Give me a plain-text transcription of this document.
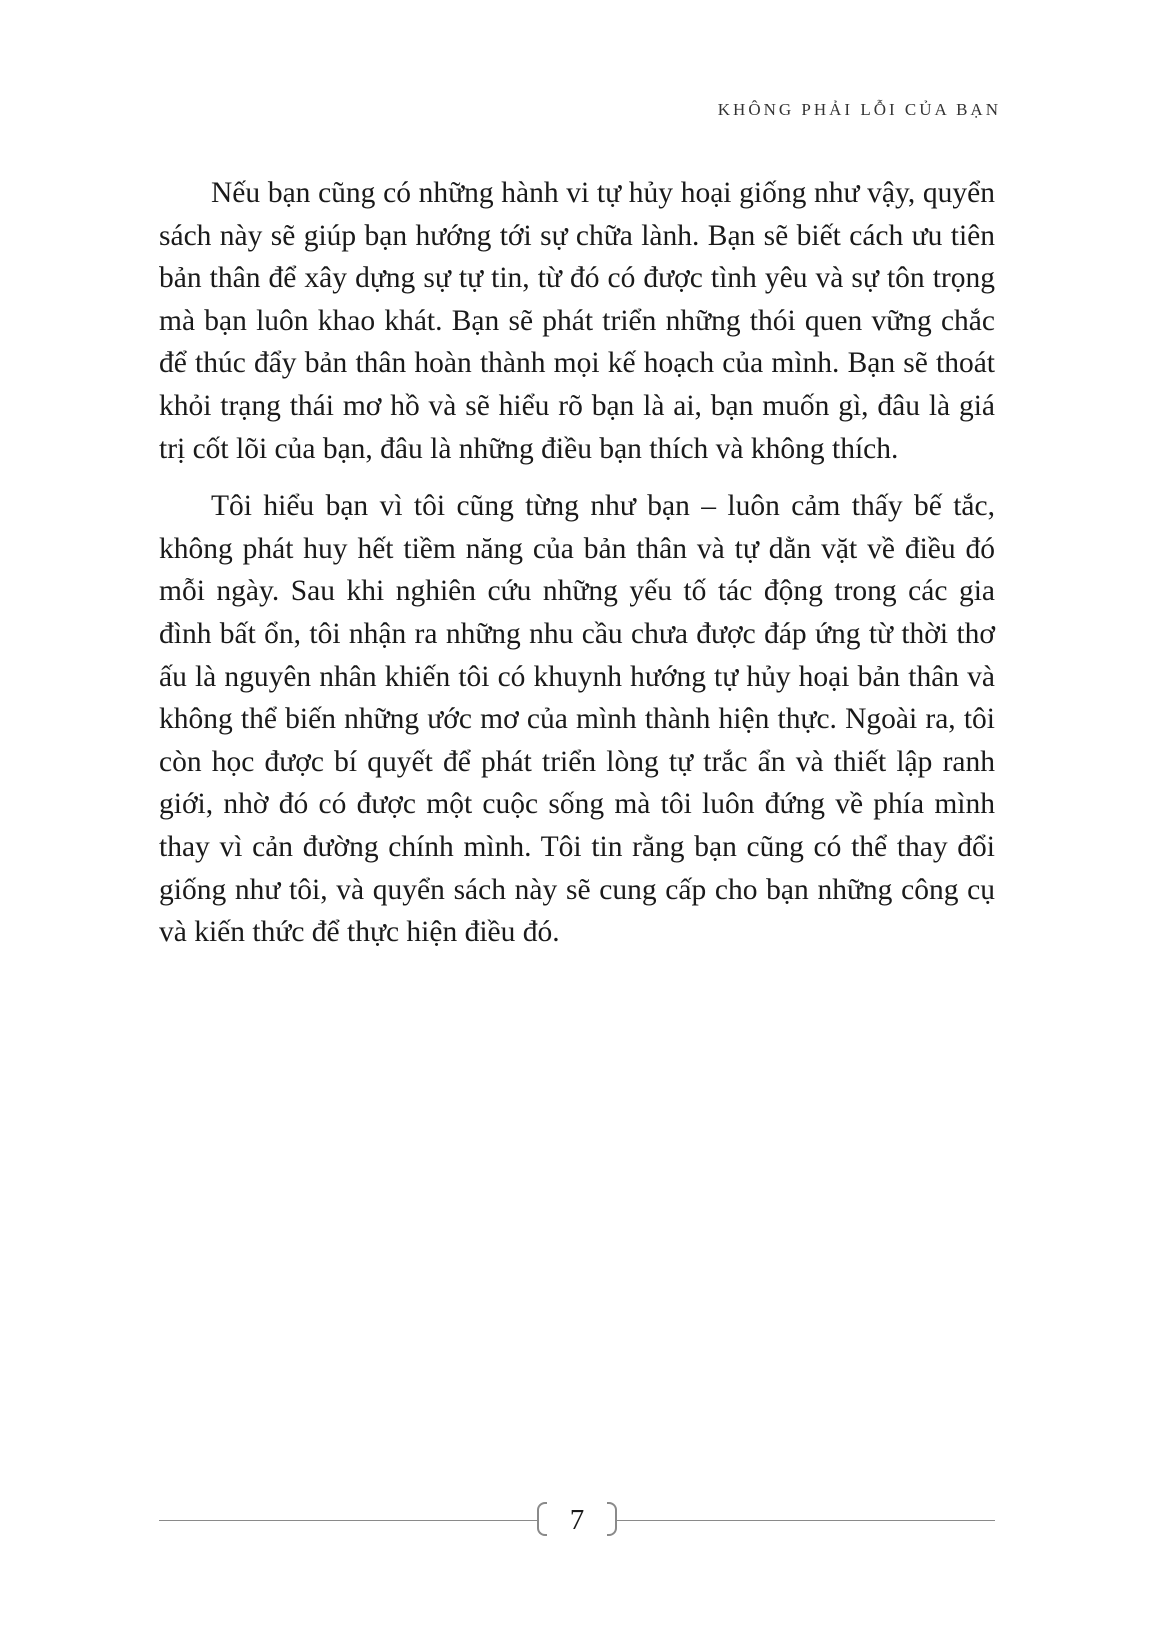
KHÔNG PHẢI LỖI CỦA BẠN

Nếu bạn cũng có những hành vi tự hủy hoại giống như vậy, quyển sách này sẽ giúp bạn hướng tới sự chữa lành. Bạn sẽ biết cách ưu tiên bản thân để xây dựng sự tự tin, từ đó có được tình yêu và sự tôn trọng mà bạn luôn khao khát. Bạn sẽ phát triển những thói quen vững chắc để thúc đẩy bản thân hoàn thành mọi kế hoạch của mình. Bạn sẽ thoát khỏi trạng thái mơ hồ và sẽ hiểu rõ bạn là ai, bạn muốn gì, đâu là giá trị cốt lõi của bạn, đâu là những điều bạn thích và không thích.

Tôi hiểu bạn vì tôi cũng từng như bạn – luôn cảm thấy bế tắc, không phát huy hết tiềm năng của bản thân và tự dằn vặt về điều đó mỗi ngày. Sau khi nghiên cứu những yếu tố tác động trong các gia đình bất ổn, tôi nhận ra những nhu cầu chưa được đáp ứng từ thời thơ ấu là nguyên nhân khiến tôi có khuynh hướng tự hủy hoại bản thân và không thể biến những ước mơ của mình thành hiện thực. Ngoài ra, tôi còn học được bí quyết để phát triển lòng tự trắc ẩn và thiết lập ranh giới, nhờ đó có được một cuộc sống mà tôi luôn đứng về phía mình thay vì cản đường chính mình. Tôi tin rằng bạn cũng có thể thay đổi giống như tôi, và quyển sách này sẽ cung cấp cho bạn những công cụ và kiến thức để thực hiện điều đó.

7
